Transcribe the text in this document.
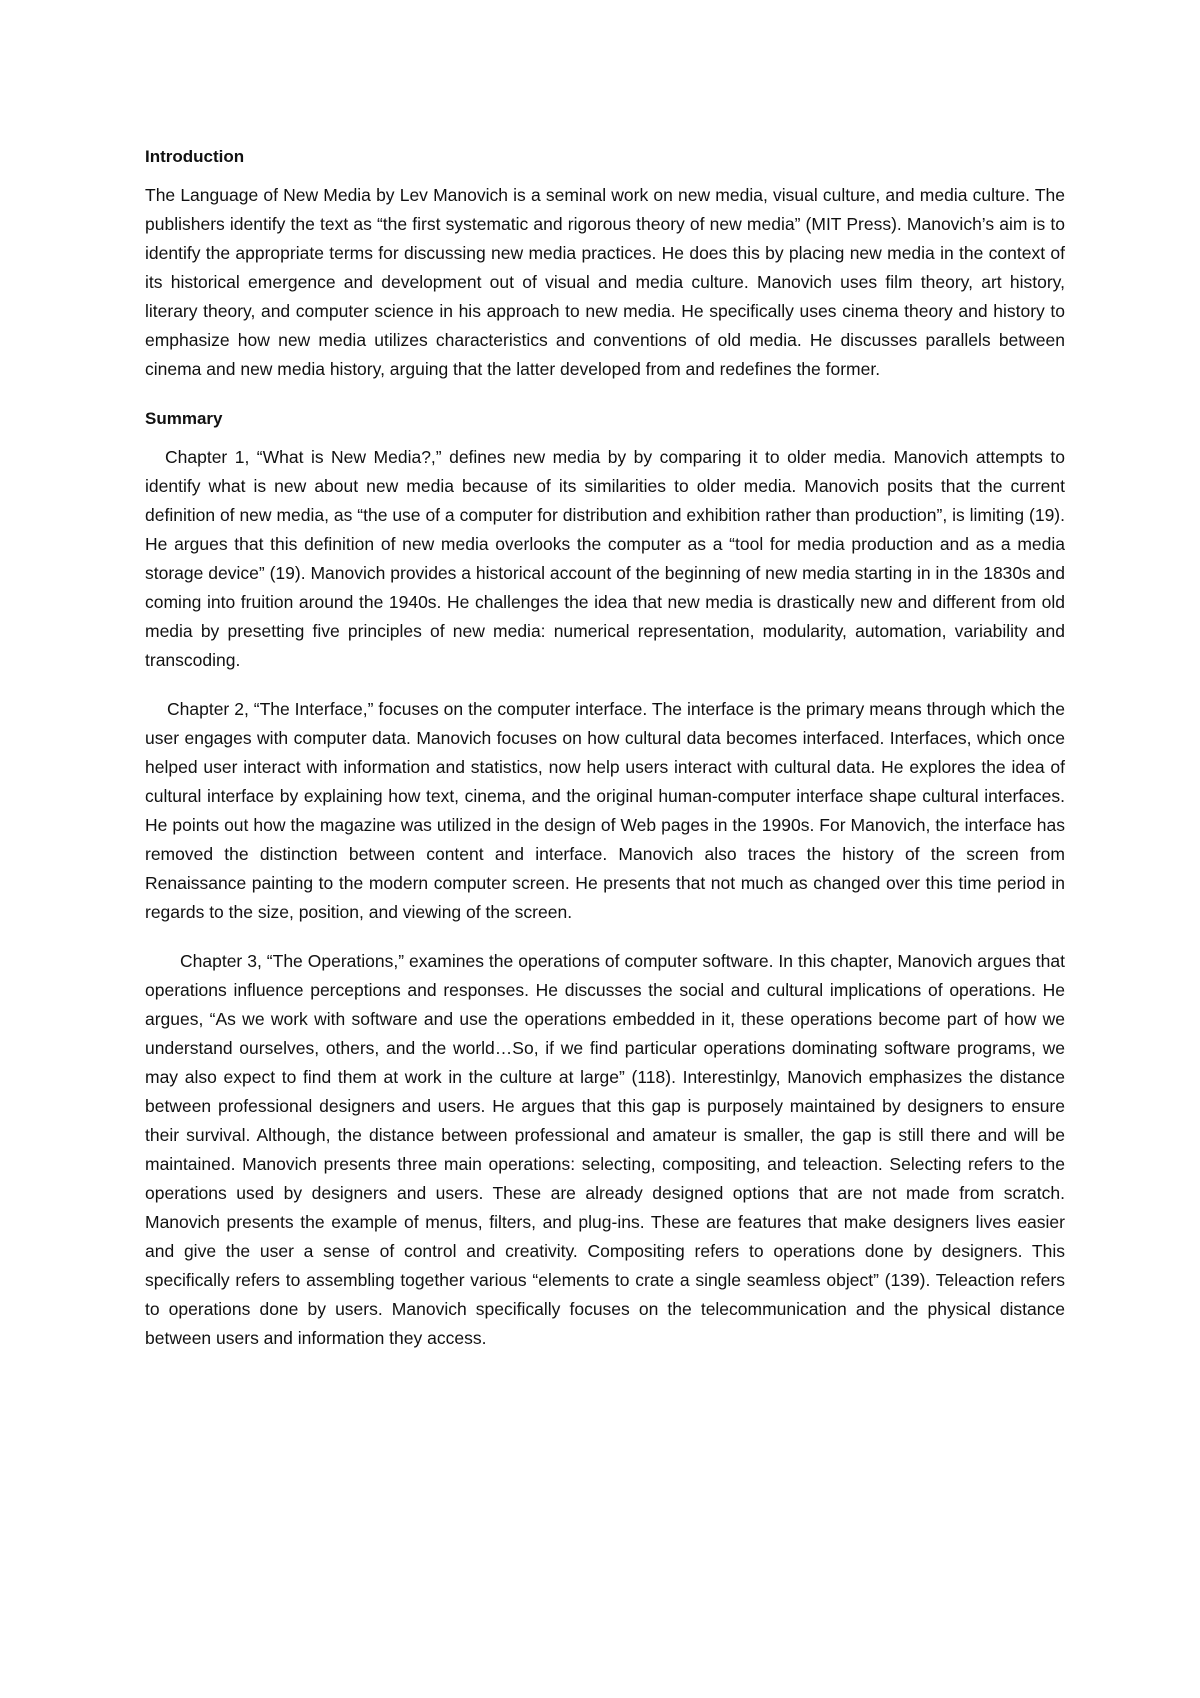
Introduction

The Language of New Media by Lev Manovich is a seminal work on new media, visual culture, and media culture. The publishers identify the text as “the first systematic and rigorous theory of new media” (MIT Press). Manovich’s aim is to identify the appropriate terms for discussing new media practices. He does this by placing new media in the context of its historical emergence and development out of visual and media culture. Manovich uses film theory, art history, literary theory, and computer science in his approach to new media. He specifically uses cinema theory and history to emphasize how new media utilizes characteristics and conventions of old media. He discusses parallels between cinema and new media history, arguing that the latter developed from and redefines the former.

Summary

Chapter 1, “What is New Media?,” defines new media by by comparing it to older media. Manovich attempts to identify what is new about new media because of its similarities to older media. Manovich posits that the current definition of new media, as “the use of a computer for distribution and exhibition rather than production”, is limiting (19). He argues that this definition of new media overlooks the computer as a “tool for media production and as a media storage device” (19). Manovich provides a historical account of the beginning of new media starting in in the 1830s and coming into fruition around the 1940s. He challenges the idea that new media is drastically new and different from old media by presetting five principles of new media: numerical representation, modularity, automation, variability and transcoding.

Chapter 2, “The Interface,” focuses on the computer interface. The interface is the primary means through which the user engages with computer data. Manovich focuses on how cultural data becomes interfaced. Interfaces, which once helped user interact with information and statistics, now help users interact with cultural data. He explores the idea of cultural interface by explaining how text, cinema, and the original human-computer interface shape cultural interfaces. He points out how the magazine was utilized in the design of Web pages in the 1990s. For Manovich, the interface has removed the distinction between content and interface. Manovich also traces the history of the screen from Renaissance painting to the modern computer screen. He presents that not much as changed over this time period in regards to the size, position, and viewing of the screen.

Chapter 3, “The Operations,” examines the operations of computer software. In this chapter, Manovich argues that operations influence perceptions and responses. He discusses the social and cultural implications of operations. He argues, “As we work with software and use the operations embedded in it, these operations become part of how we understand ourselves, others, and the world…So, if we find particular operations dominating software programs, we may also expect to find them at work in the culture at large” (118). Interestinlgy, Manovich emphasizes the distance between professional designers and users. He argues that this gap is purposely maintained by designers to ensure their survival. Although, the distance between professional and amateur is smaller, the gap is still there and will be maintained. Manovich presents three main operations: selecting, compositing, and teleaction. Selecting refers to the operations used by designers and users. These are already designed options that are not made from scratch. Manovich presents the example of menus, filters, and plug-ins. These are features that make designers lives easier and give the user a sense of control and creativity. Compositing refers to operations done by designers. This specifically refers to assembling together various “elements to crate a single seamless object” (139). Teleaction refers to operations done by users. Manovich specifically focuses on the telecommunication and the physical distance between users and information they access.
